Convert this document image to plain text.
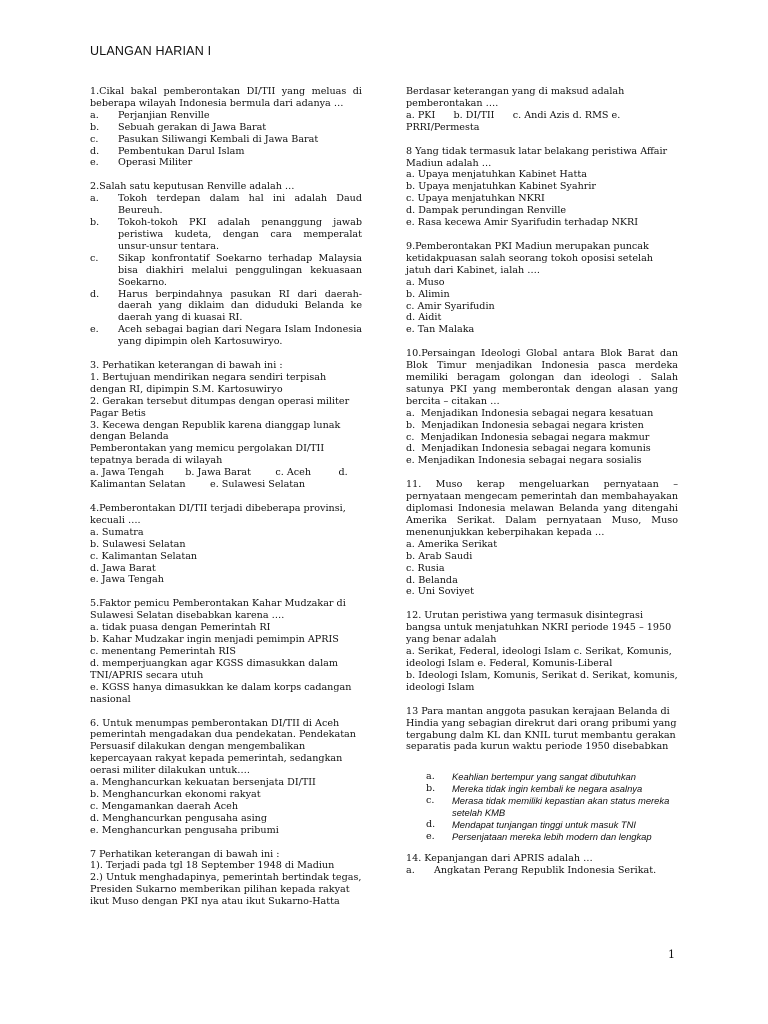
ULANGAN HARIAN I

1.Cikal bakal pemberontakan DI/TII yang meluas di beberapa wilayah Indonesia bermula dari adanya …

a.	Perjanjian Renville
b.	Sebuah gerakan di Jawa Barat
c.	Pasukan Siliwangi Kembali di Jawa Barat
d.	Pembentukan Darul Islam
e.	Operasi Militer

2.Salah satu keputusan Renville adalah …

a.	Tokoh terdepan dalam hal ini adalah Daud Beureuh.
b.	Tokoh-tokoh PKI adalah penanggung jawab peristiwa kudeta, dengan cara memperalat unsur-unsur tentara.
c.	Sikap konfrontatif Soekarno terhadap Malaysia bisa diakhiri melalui penggulingan kekuasaan Soekarno.
d.	Harus berpindahnya pasukan RI dari daerah-daerah yang diklaim dan diduduki Belanda ke daerah yang di kuasai RI.
e.	Aceh sebagai bagian dari Negara Islam Indonesia yang dipimpin oleh Kartosuwiryo.

3. Perhatikan keterangan di bawah ini :

1. Bertujuan mendirikan negara sendiri terpisah dengan RI, dipimpin S.M. Kartosuwiryo

2. Gerakan tersebut ditumpas dengan operasi militer Pagar Betis

3. Kecewa dengan Republik karena dianggap lunak dengan Belanda

Pemberontakan yang memicu pergolakan DI/TII tepatnya berada di wilayah

a. Jawa Tengah       b. Jawa Barat        c. Aceh         d.

Kalimantan Selatan        e. Sulawesi Selatan

4.Pemberontakan DI/TII terjadi dibeberapa provinsi, kecuali ….

a. Sumatra

b. Sulawesi Selatan

c. Kalimantan Selatan

d. Jawa Barat

e. Jawa Tengah

5.Faktor pemicu Pemberontakan Kahar Mudzakar di Sulawesi Selatan disebabkan karena ….

a. tidak puasa dengan Pemerintah RI

b. Kahar Mudzakar ingin menjadi pemimpin APRIS

c. menentang Pemerintah RIS

d. memperjuangkan agar KGSS dimasukkan dalam TNI/APRIS secara utuh

e. KGSS hanya dimasukkan ke dalam korps cadangan nasional

6. Untuk menumpas pemberontakan DI/TII di Aceh pemerintah mengadakan dua pendekatan. Pendekatan Persuasif dilakukan dengan mengembalikan kepercayaan rakyat kepada pemerintah, sedangkan oerasi militer dilakukan untuk….

a. Menghancurkan kekuatan bersenjata DI/TII

b. Menghancurkan ekonomi rakyat

c. Mengamankan daerah Aceh

d. Menghancurkan pengusaha asing

e. Menghancurkan pengusaha pribumi

7 Perhatikan keterangan di bawah ini :

1). Terjadi pada tgl 18 September 1948 di Madiun

2.) Untuk menghadapinya, pemerintah bertindak tegas, Presiden Sukarno memberikan pilihan kepada rakyat ikut Muso dengan PKI nya atau ikut Sukarno-Hatta

Berdasar keterangan yang di maksud adalah pemberontakan ….

a. PKI      b. DI/TII      c. Andi Azis d. RMS e.

PRRI/Permesta

8 Yang tidak termasuk latar belakang peristiwa Affair Madiun adalah …

a. Upaya menjatuhkan Kabinet Hatta

b. Upaya menjatuhkan Kabinet Syahrir

c. Upaya menjatuhkan NKRI

d. Dampak perundingan Renville

e. Rasa kecewa Amir Syarifudin terhadap NKRI

9.Pemberontakan PKI Madiun merupakan puncak ketidakpuasan salah seorang tokoh oposisi setelah jatuh dari Kabinet, ialah ….

a. Muso

b. Alimin

c. Amir Syarifudin

d. Aidit

e. Tan Malaka

10.Persaingan Ideologi Global antara Blok Barat dan Blok Timur menjadikan Indonesia pasca merdeka memiliki beragam golongan dan ideologi . Salah satunya PKI yang memberontak dengan alasan yang bercita – citakan …

a.  Menjadikan Indonesia sebagai negara kesatuan

b.  Menjadikan Indonesia sebagai negara kristen

c.  Menjadikan Indonesia sebagai negara makmur

d.  Menjadikan Indonesia sebagai negara komunis

e. Menjadikan Indonesia sebagai negara sosialis

11. Muso kerap mengeluarkan pernyataan – pernyataan mengecam pemerintah dan membahayakan diplomasi Indonesia melawan Belanda yang ditengahi Amerika Serikat. Dalam pernyataan Muso, Muso menenunjukkan keberpihakan kepada …

a. Amerika Serikat

b. Arab Saudi

c. Rusia

d. Belanda

e. Uni Soviyet

12. Urutan peristiwa yang termasuk disintegrasi bangsa untuk menjatuhkan NKRI periode 1945 – 1950 yang benar adalah

a. Serikat, Federal, ideologi Islam c. Serikat, Komunis, ideologi Islam e. Federal, Komunis-Liberal

b. Ideologi Islam, Komunis, Serikat d. Serikat, komunis, ideologi Islam

13 Para mantan anggota pasukan kerajaan Belanda di Hindia yang sebagian direkrut dari orang pribumi yang tergabung dalm KL dan KNIL turut membantu gerakan separatis pada kurun waktu periode 1950 disebabkan

a.	Keahlian bertempur yang sangat dibutuhkan
b.	Mereka tidak ingin kembali ke negara asalnya
c.	Merasa tidak memiliki kepastian akan status mereka setelah KMB
d.	Mendapat tunjangan tinggi untuk masuk TNI
e.	Persenjataan mereka lebih modern dan lengkap

14. Kepanjangan dari APRIS adalah …

a.	Angkatan Perang Republik Indonesia Serikat.
1
